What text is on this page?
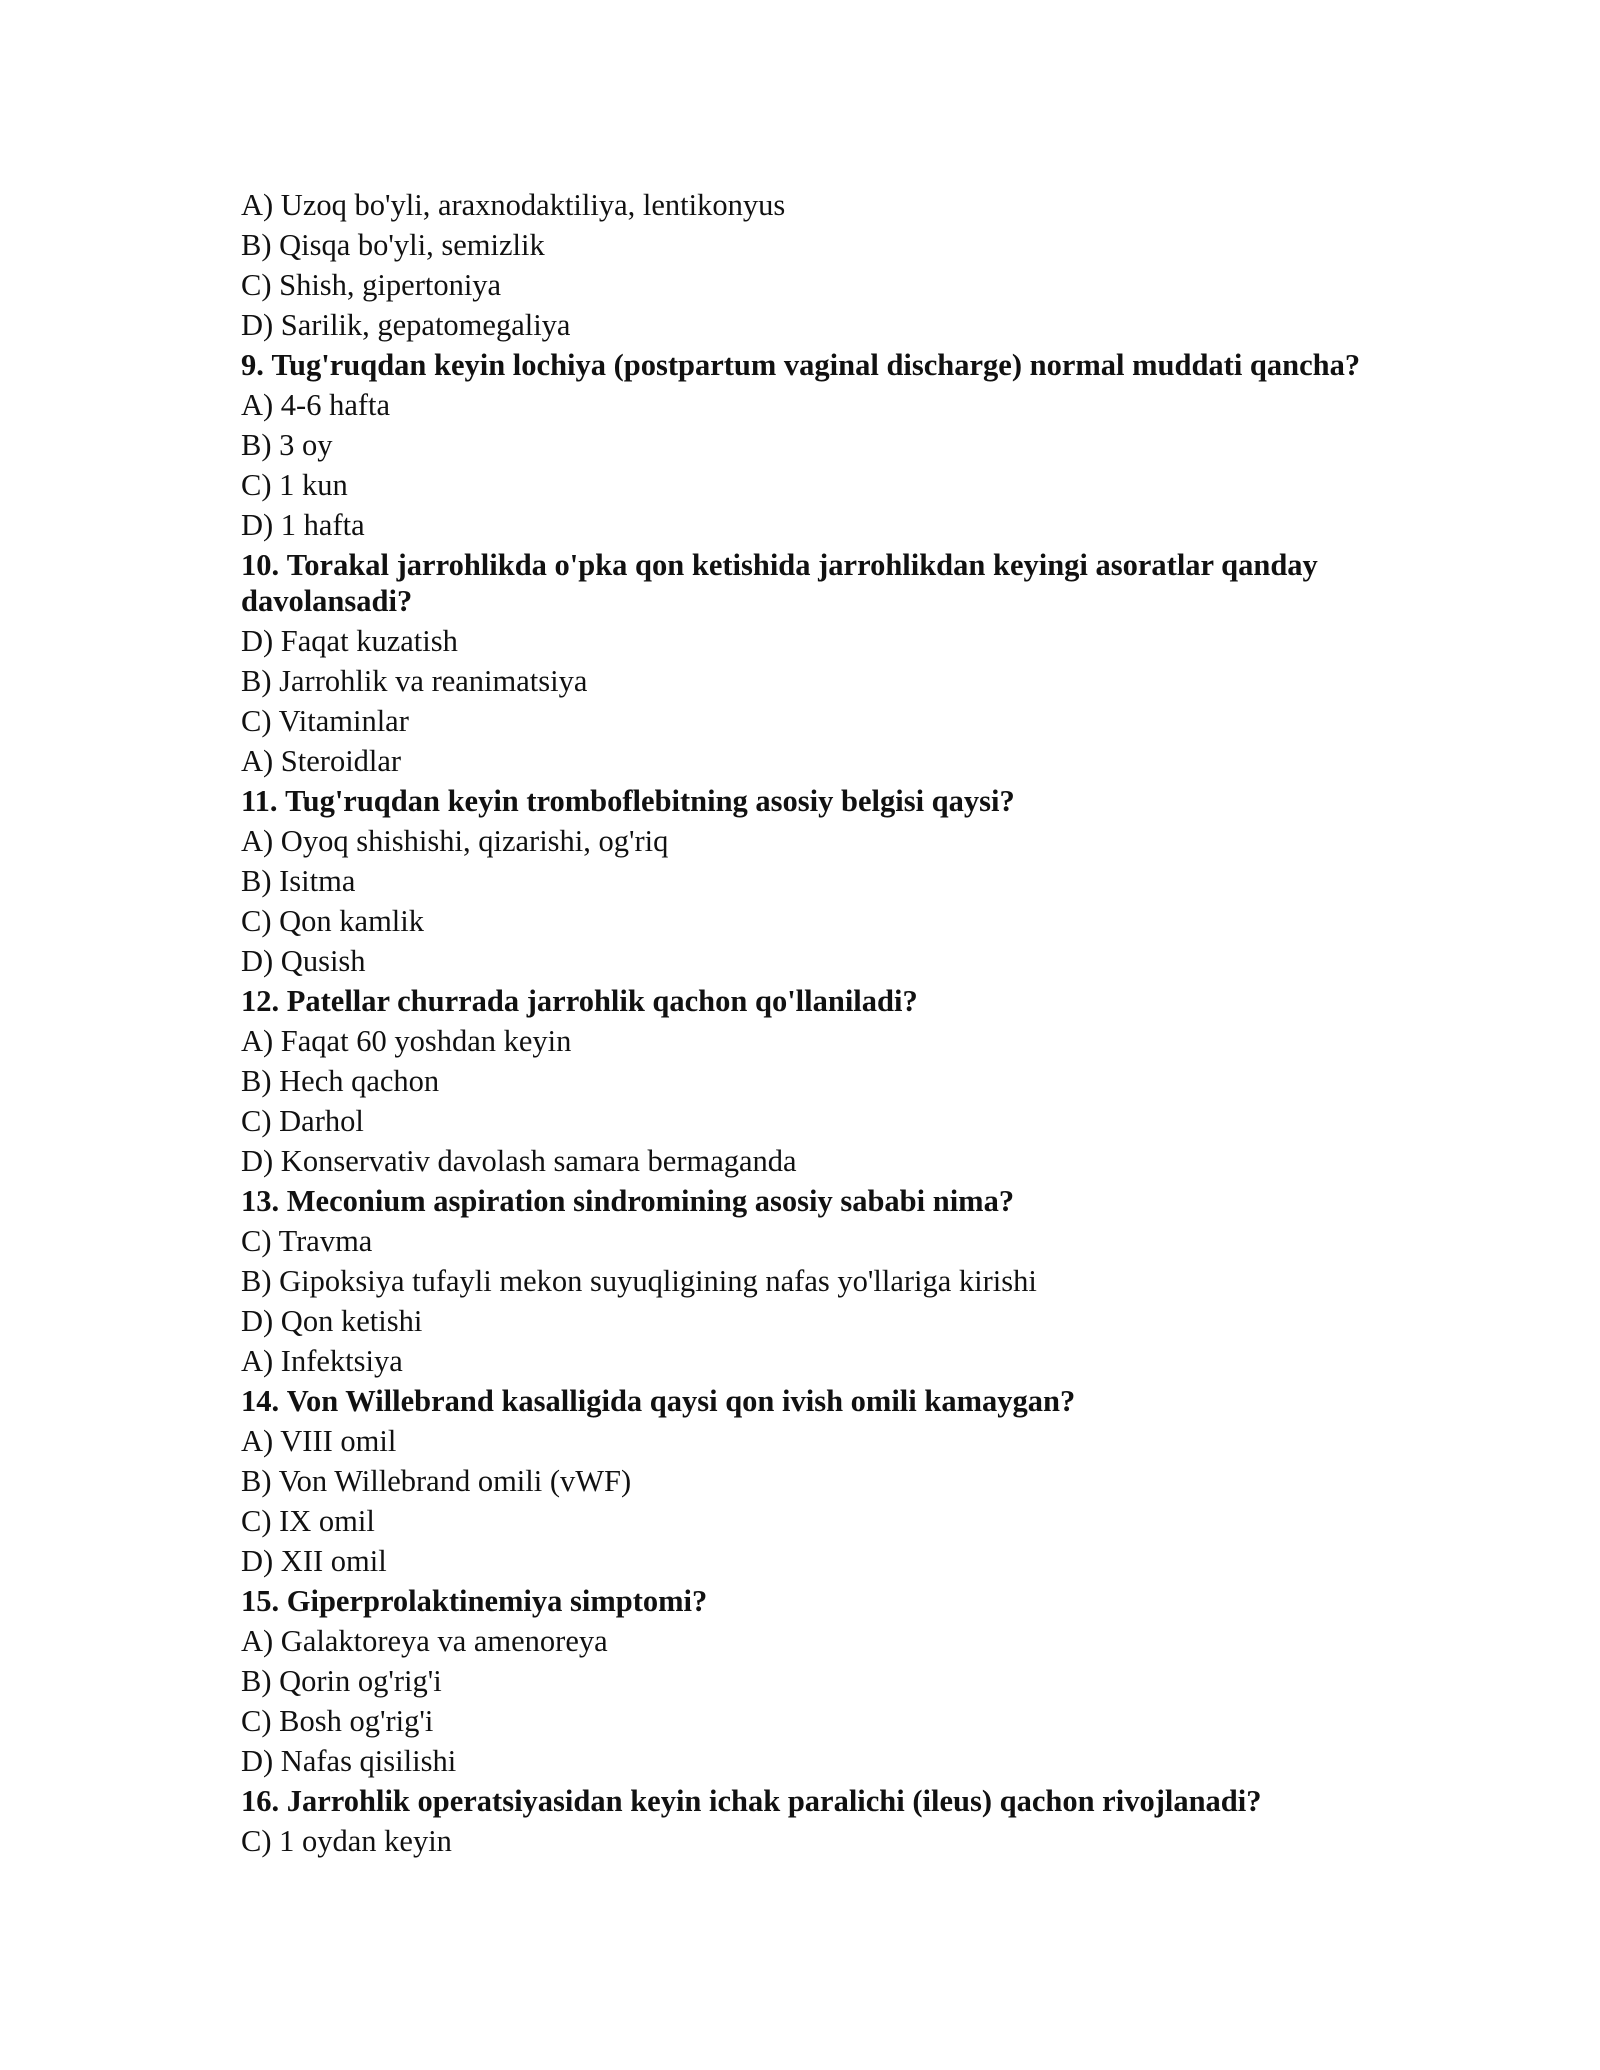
A) Uzoq bo'yli, araxnodaktiliya, lentikonyus

B) Qisqa bo'yli, semizlik

C) Shish, gipertoniya

D) Sarilik, gepatomegaliya

9. Tug'ruqdan keyin lochiya (postpartum vaginal discharge) normal muddati qancha?

A) 4-6 hafta

B) 3 oy

C) 1 kun

D) 1 hafta

10. Torakal jarrohlikda o'pka qon ketishida jarrohlikdan keyingi asoratlar qanday davolansadi?

D) Faqat kuzatish

B) Jarrohlik va reanimatsiya

C) Vitaminlar

A) Steroidlar

11. Tug'ruqdan keyin tromboflebitning asosiy belgisi qaysi?

A) Oyoq shishishi, qizarishi, og'riq

B) Isitma

C) Qon kamlik

D) Qusish

12. Patellar churrada jarrohlik qachon qo'llaniladi?

A) Faqat 60 yoshdan keyin

B) Hech qachon

C) Darhol

D) Konservativ davolash samara bermaganda

13. Meconium aspiration sindromining asosiy sababi nima?

C) Travma

B) Gipoksiya tufayli mekon suyuqligining nafas yo'llariga kirishi

D) Qon ketishi

A) Infektsiya

14. Von Willebrand kasalligida qaysi qon ivish omili kamaygan?

A) VIII omil

B) Von Willebrand omili (vWF)

C) IX omil

D) XII omil

15. Giperprolaktinemiya simptomi?

A) Galaktoreya va amenoreya

B) Qorin og'rig'i

C) Bosh og'rig'i

D) Nafas qisilishi

16. Jarrohlik operatsiyasidan keyin ichak paralichi (ileus) qachon rivojlanadi?

C) 1 oydan keyin
